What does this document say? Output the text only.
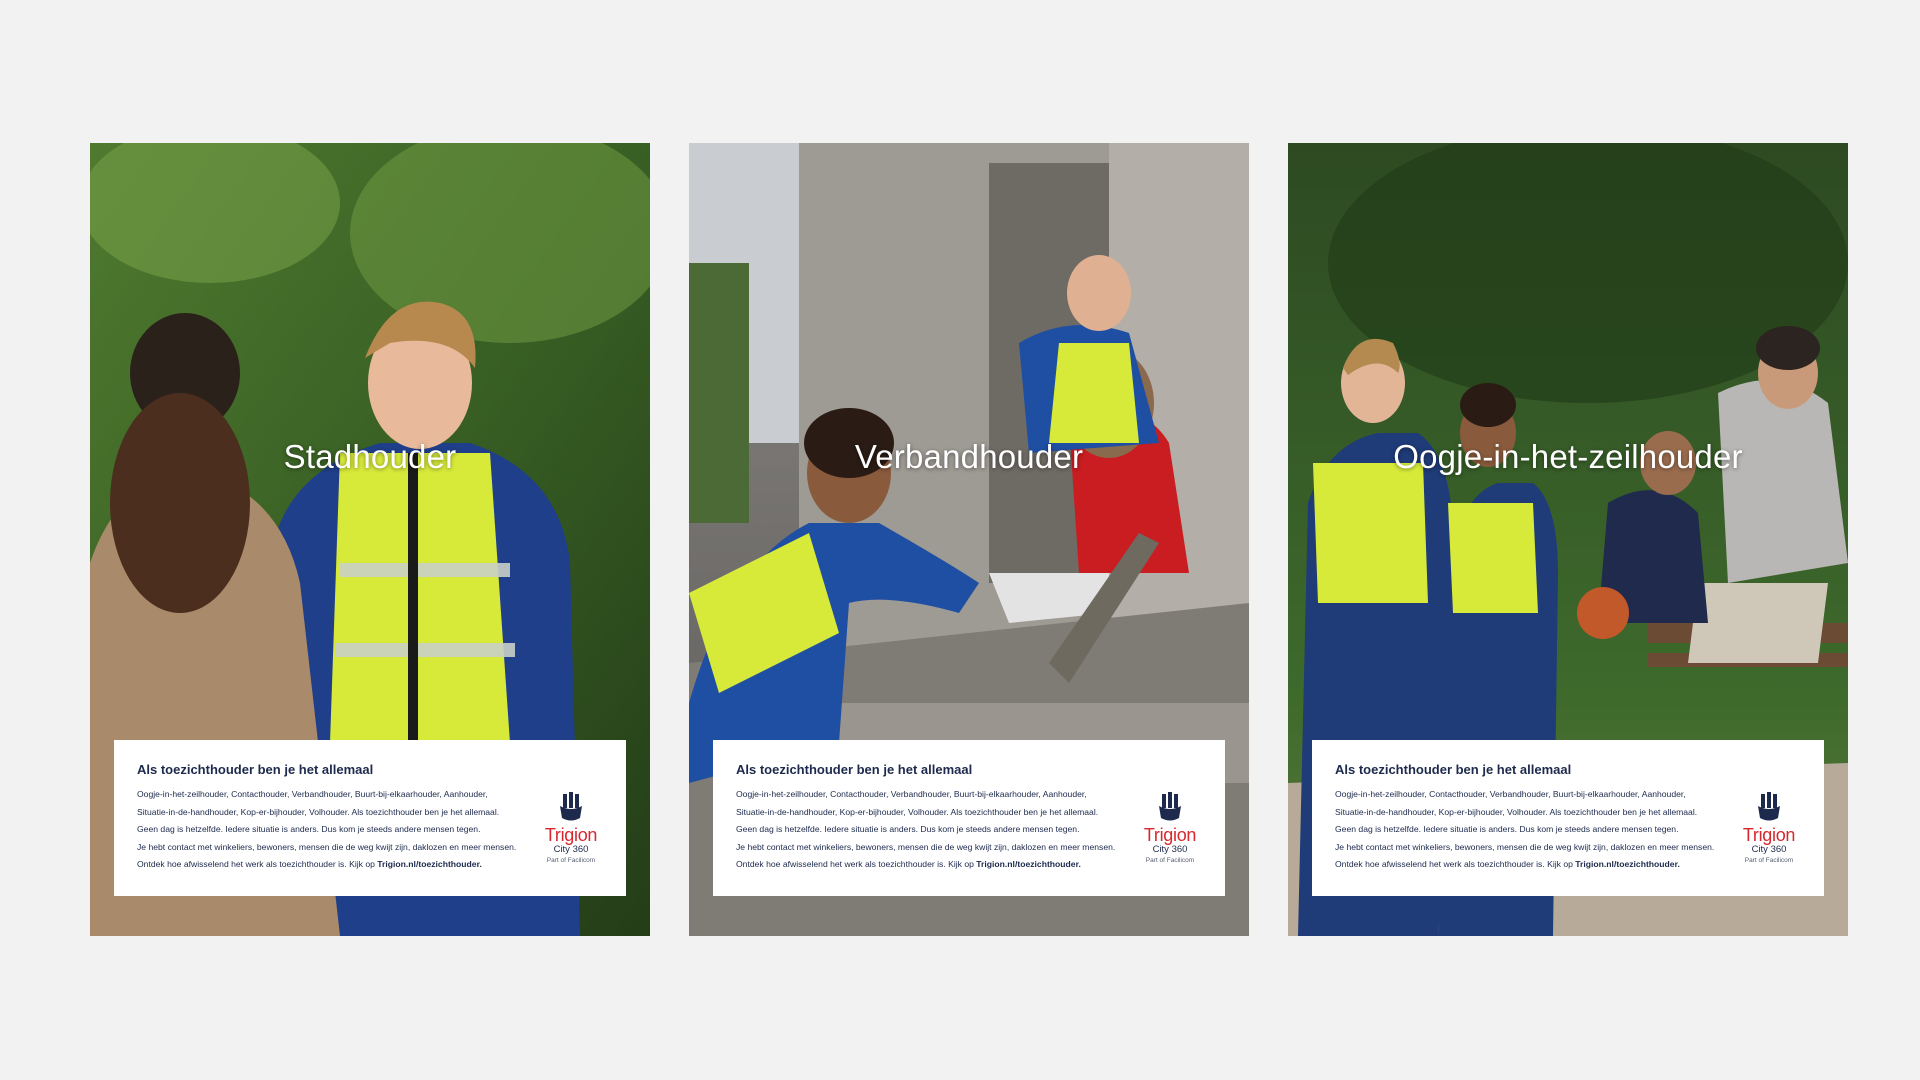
Stadhouder
Als toezichthouder ben je het allemaal
Oogje-in-het-zeilhouder, Contacthouder, Verbandhouder, Buurt-bij-elkaarhouder, Aanhouder,
Situatie-in-de-handhouder, Kop-er-bijhouder, Volhouder. Als toezichthouder ben je het allemaal.
Geen dag is hetzelfde. Iedere situatie is anders. Dus kom je steeds andere mensen tegen.
Je hebt contact met winkeliers, bewoners, mensen die de weg kwijt zijn, daklozen en meer mensen.
Ontdek hoe afwisselend het werk als toezichthouder is. Kijk op Trigion.nl/toezichthouder.
Trigion
City 360
Part of Facilicom
Verbandhouder
Als toezichthouder ben je het allemaal
Oogje-in-het-zeilhouder, Contacthouder, Verbandhouder, Buurt-bij-elkaarhouder, Aanhouder,
Situatie-in-de-handhouder, Kop-er-bijhouder, Volhouder. Als toezichthouder ben je het allemaal.
Geen dag is hetzelfde. Iedere situatie is anders. Dus kom je steeds andere mensen tegen.
Je hebt contact met winkeliers, bewoners, mensen die de weg kwijt zijn, daklozen en meer mensen.
Ontdek hoe afwisselend het werk als toezichthouder is. Kijk op Trigion.nl/toezichthouder.
Trigion
City 360
Part of Facilicom
Oogje-in-het-zeilhouder
Als toezichthouder ben je het allemaal
Oogje-in-het-zeilhouder, Contacthouder, Verbandhouder, Buurt-bij-elkaarhouder, Aanhouder,
Situatie-in-de-handhouder, Kop-er-bijhouder, Volhouder. Als toezichthouder ben je het allemaal.
Geen dag is hetzelfde. Iedere situatie is anders. Dus kom je steeds andere mensen tegen.
Je hebt contact met winkeliers, bewoners, mensen die de weg kwijt zijn, daklozen en meer mensen.
Ontdek hoe afwisselend het werk als toezichthouder is. Kijk op Trigion.nl/toezichthouder.
Trigion
City 360
Part of Facilicom
